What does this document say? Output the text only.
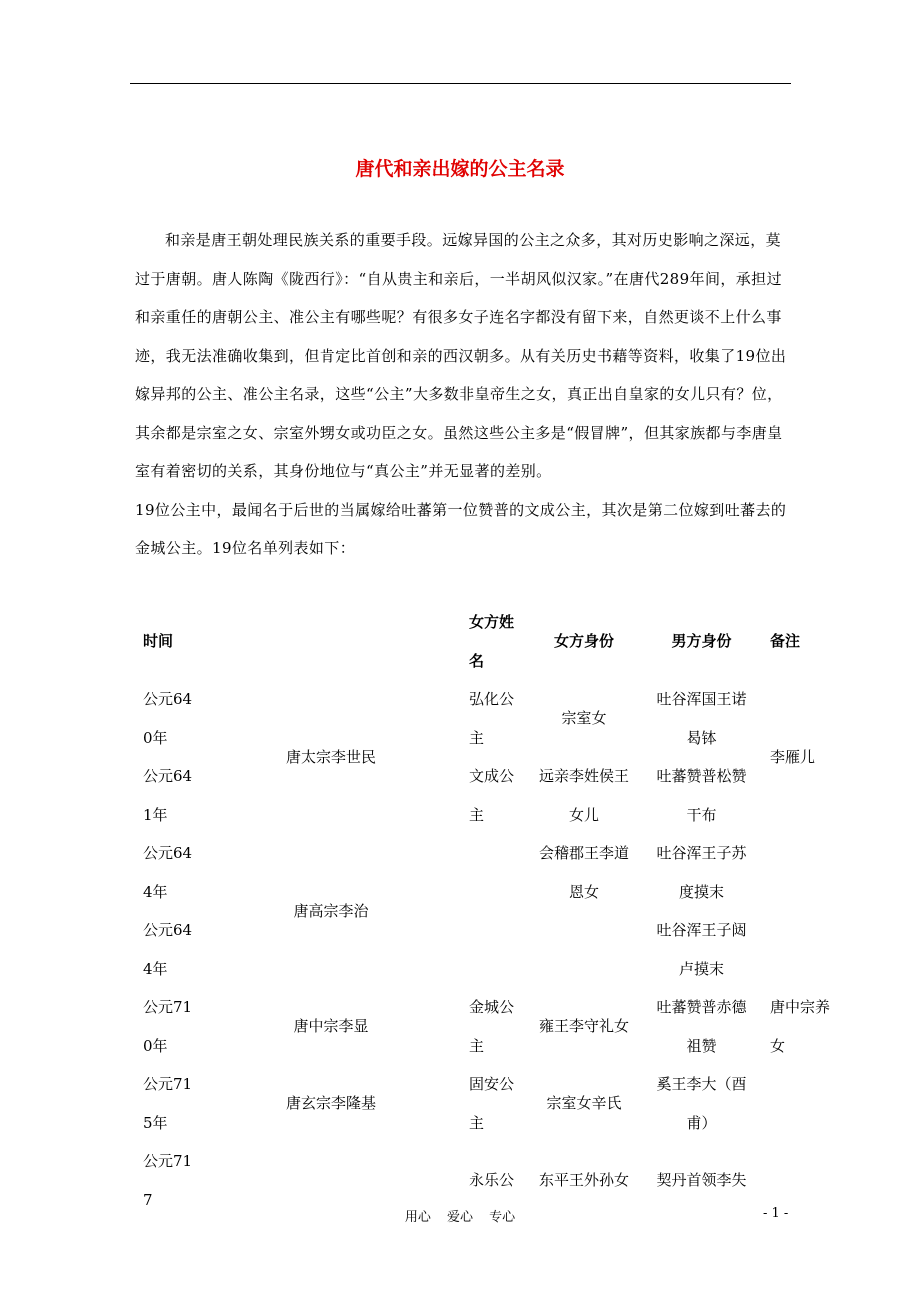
唐代和亲出嫁的公主名录

和亲是唐王朝处理民族关系的重要手段。远嫁异国的公主之众多，其对历史影响之深远，莫过于唐朝。唐人陈陶《陇西行》：“自从贵主和亲后，一半胡风似汉家。”在唐代289年间，承担过和亲重任的唐朝公主、准公主有哪些呢？有很多女子连名字都没有留下来，自然更谈不上什么事迹，我无法准确收集到，但肯定比首创和亲的西汉朝多。从有关历史书藉等资料，收集了19位出嫁异邦的公主、准公主名录，这些“公主”大多数非皇帝生之女，真正出自皇家的女儿只有？位，其余都是宗室之女、宗室外甥女或功臣之女。虽然这些公主多是“假冒牌”，但其家族都与李唐皇室有着密切的关系，其身份地位与“真公主”并无显著的差别。

19位公主中，最闻名于后世的当属嫁给吐蕃第一位赞普的文成公主，其次是第二位嫁到吐蕃去的金城公主。19位名单列表如下：

时间		女方姓名	女方身份	男方身份	备注
公元640年	唐太宗李世民	弘化公主	宗室女	吐谷浑国王诺曷钵	李雁儿
公元641年		文成公主	远亲李姓侯王女儿	吐蕃赞普松赞干布	
公元644年	唐高宗李治		会稽郡王李道恩女	吐谷浑王子苏度摸末	
公元644年				吐谷浑王子闼卢摸末	
公元710年	唐中宗李显	金城公主	雍王李守礼女	吐蕃赞普赤德祖赞	唐中宗养女
公元715年	唐玄宗李隆基	固安公主	宗室女辛氏	奚王李大（酉甫）	
公元717		永乐公	东平王外孙女	契丹首领李失	
用心 爱心 专心	- 1 -
